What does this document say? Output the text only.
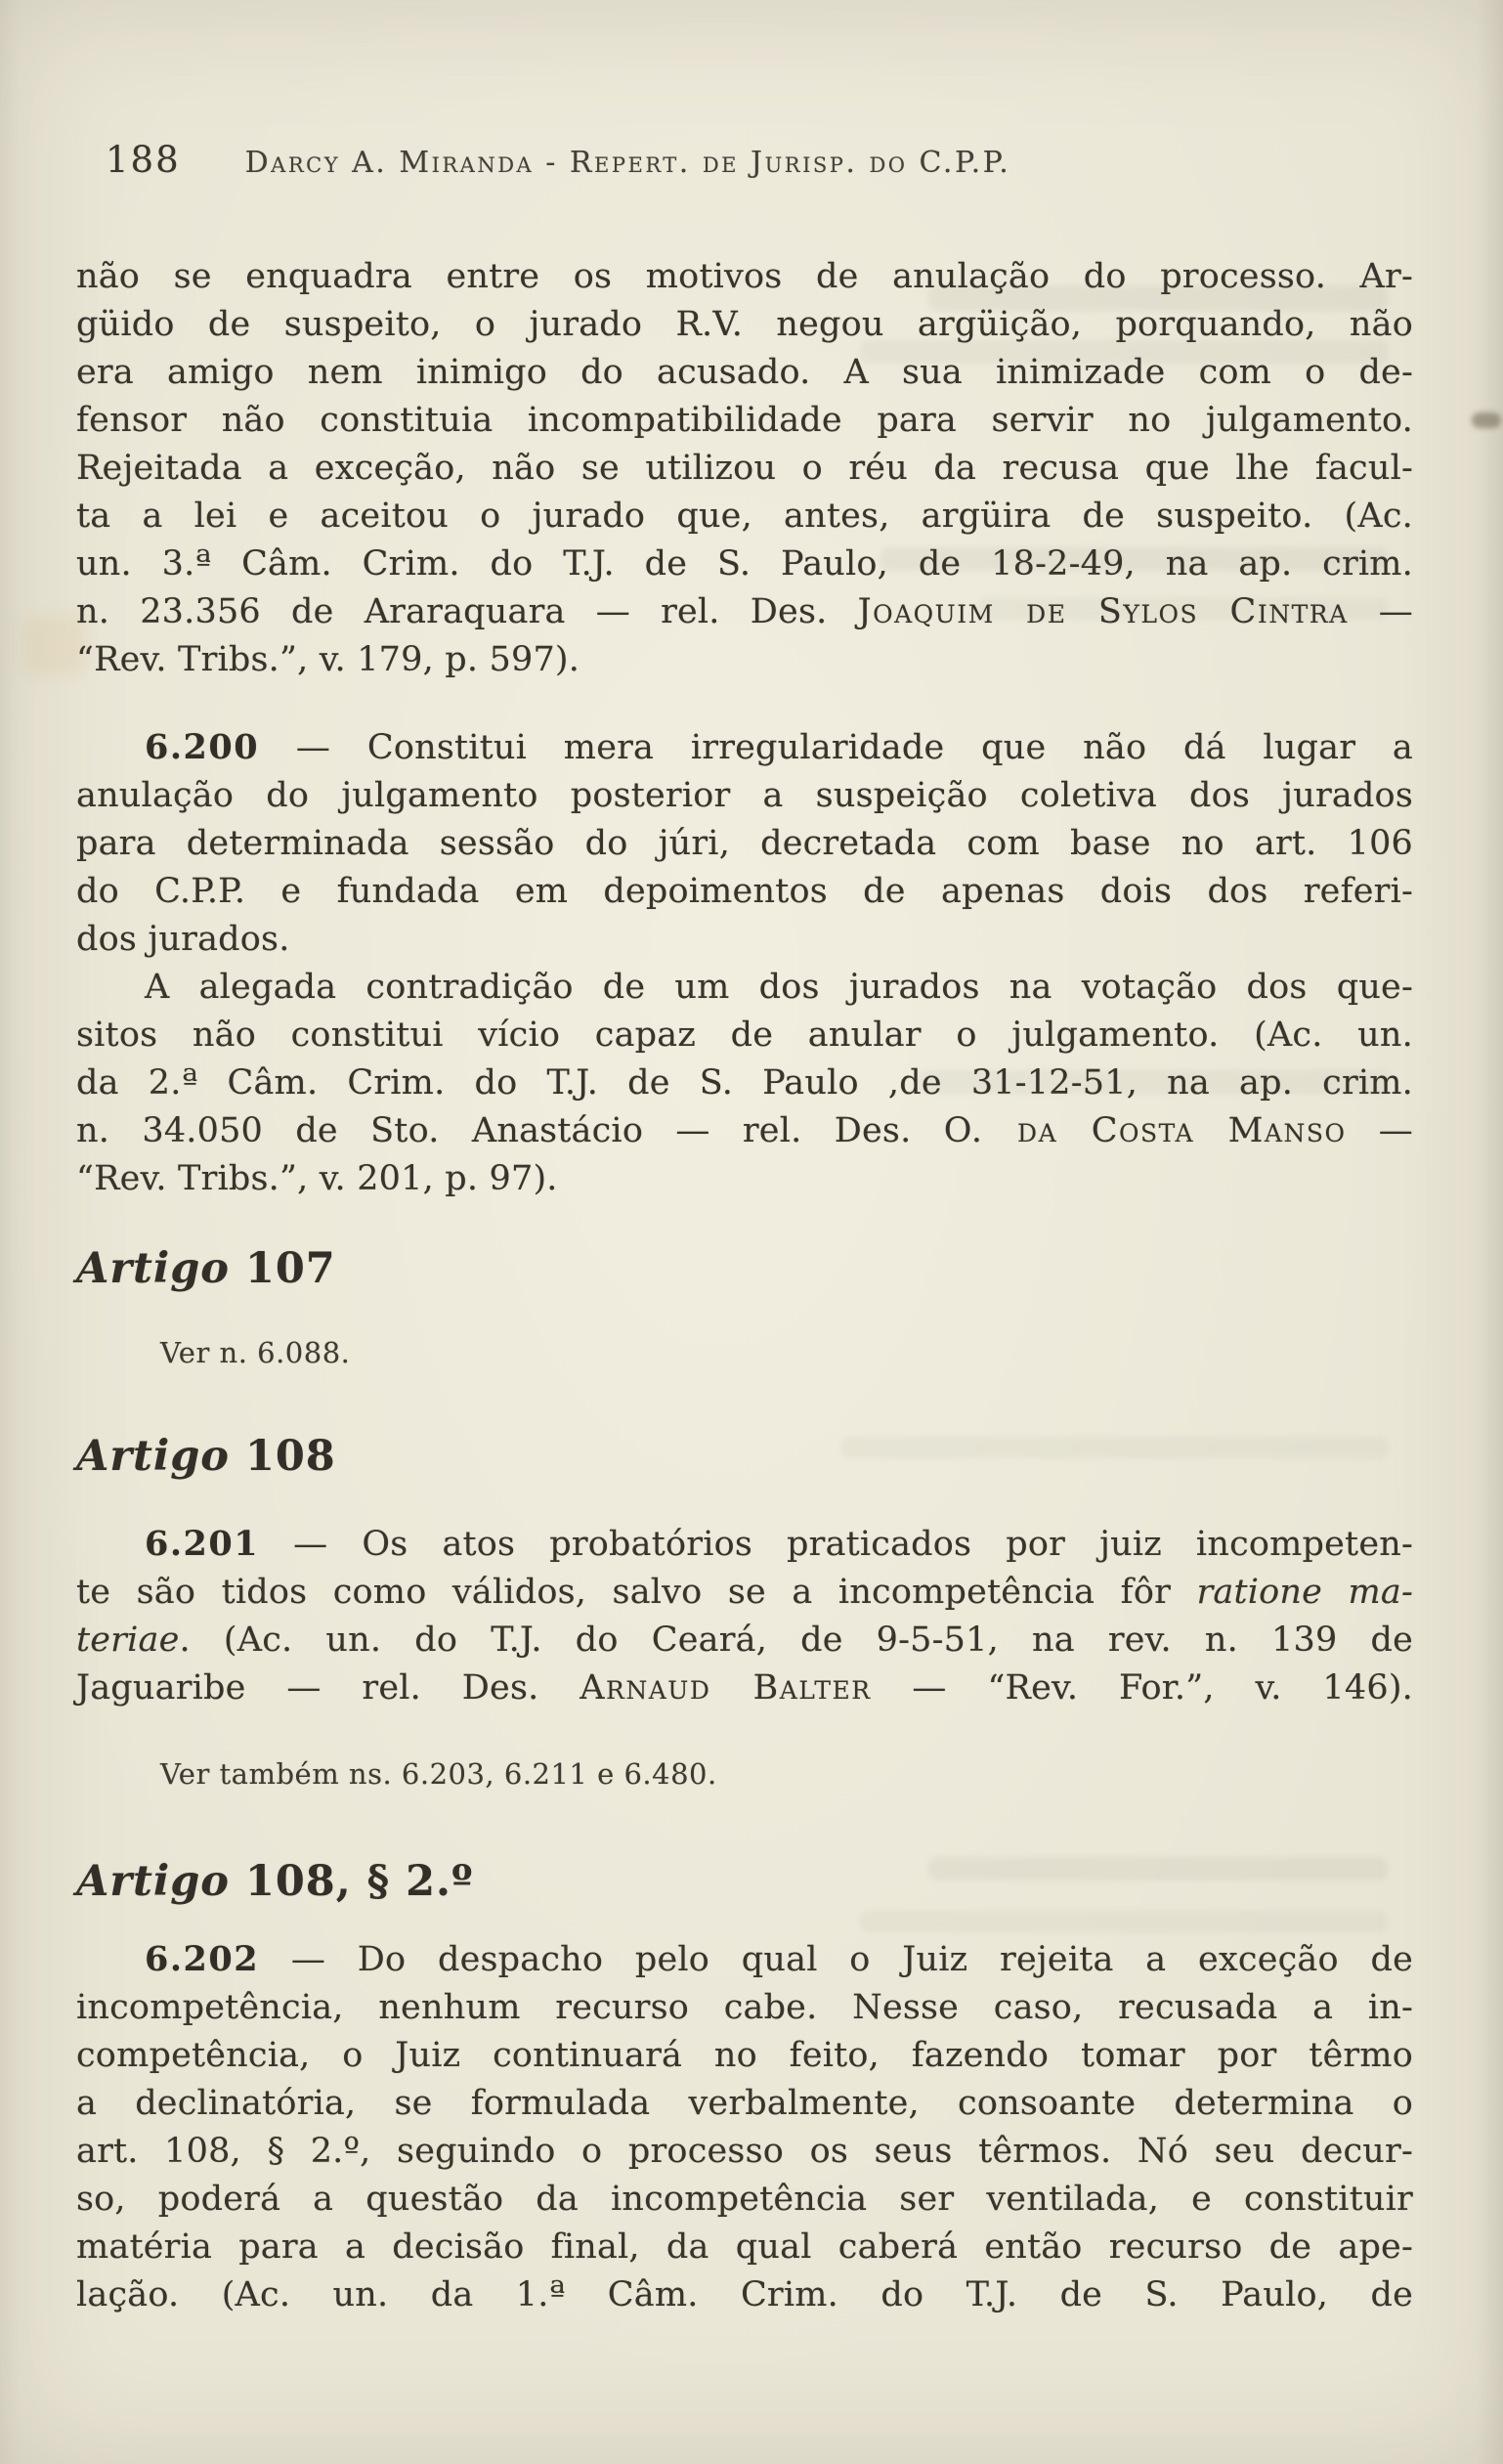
188 Darcy A. Miranda - Repert. de Jurisp. do C.P.P.
não se enquadra entre os motivos de anulação do processo. Ar-
güido de suspeito, o jurado R.V. negou argüição, porquando, não
era amigo nem inimigo do acusado. A sua inimizade com o de-
fensor não constituia incompatibilidade para servir no julgamento.
Rejeitada a exceção, não se utilizou o réu da recusa que lhe facul-
ta a lei e aceitou o jurado que, antes, argüira de suspeito. (Ac.
un. 3.ª Câm. Crim. do T.J. de S. Paulo, de 18-2-49, na ap. crim.
n. 23.356 de Araraquara — rel. Des. Joaquim de Sylos Cintra —
“Rev. Tribs.”, v. 179, p. 597).
6.200 — Constitui mera irregularidade que não dá lugar a
anulação do julgamento posterior a suspeição coletiva dos jurados
para determinada sessão do júri, decretada com base no art. 106
do C.P.P. e fundada em depoimentos de apenas dois dos referi-
dos jurados.
A alegada contradição de um dos jurados na votação dos que-
sitos não constitui vício capaz de anular o julgamento. (Ac. un.
da 2.ª Câm. Crim. do T.J. de S. Paulo ,de 31-12-51, na ap. crim.
n. 34.050 de Sto. Anastácio — rel. Des. O. da Costa Manso —
“Rev. Tribs.”, v. 201, p. 97).
Artigo 107
Ver n. 6.088.
Artigo 108
6.201 — Os atos probatórios praticados por juiz incompeten-
te são tidos como válidos, salvo se a incompetência fôr ratione ma-
teriae. (Ac. un. do T.J. do Ceará, de 9-5-51, na rev. n. 139 de
Jaguaribe — rel. Des. Arnaud Balter — “Rev. For.”, v. 146).
Ver também ns. 6.203, 6.211 e 6.480.
Artigo 108, § 2.º
6.202 — Do despacho pelo qual o Juiz rejeita a exceção de
incompetência, nenhum recurso cabe. Nesse caso, recusada a in-
competência, o Juiz continuará no feito, fazendo tomar por têrmo
a declinatória, se formulada verbalmente, consoante determina o
art. 108, § 2.º, seguindo o processo os seus têrmos. Nó seu decur-
so, poderá a questão da incompetência ser ventilada, e constituir
matéria para a decisão final, da qual caberá então recurso de ape-
lação. (Ac. un. da 1.ª Câm. Crim. do T.J. de S. Paulo, de
